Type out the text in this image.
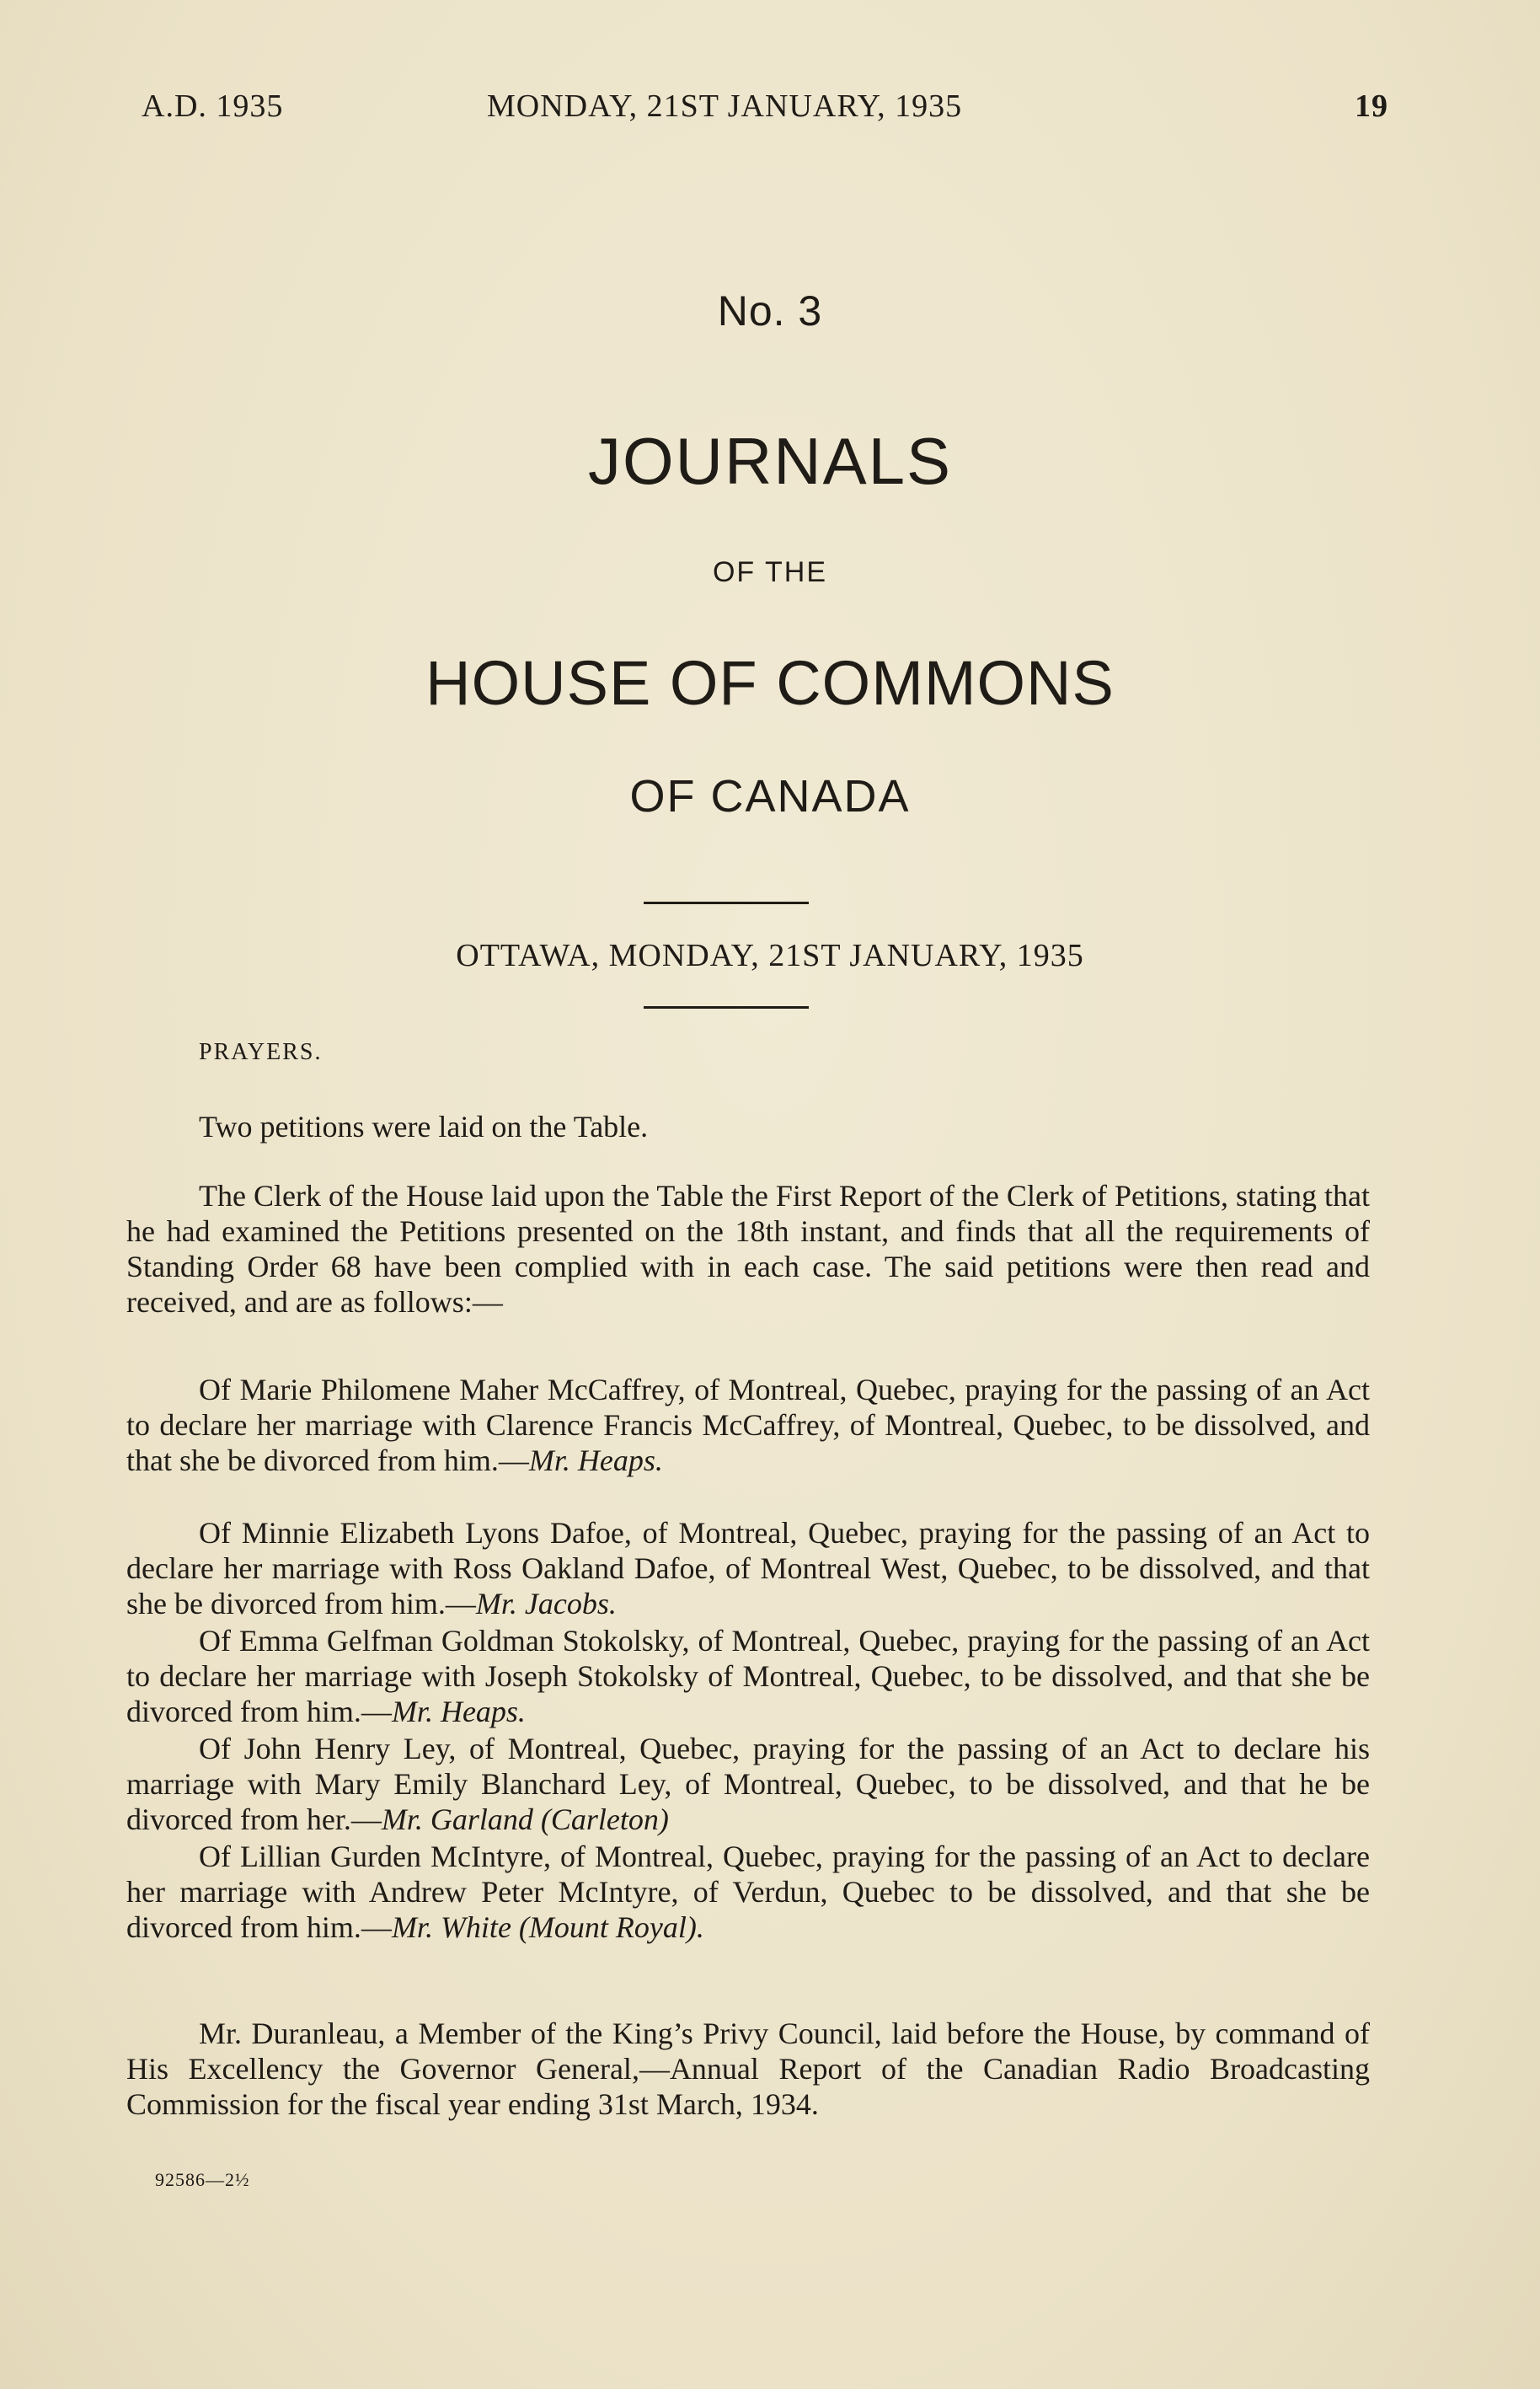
A.D. 1935	MONDAY, 21ST JANUARY, 1935	19
No. 3
JOURNALS
OF THE
HOUSE OF COMMONS
OF CANADA
OTTAWA, MONDAY, 21ST JANUARY, 1935
PRAYERS.
Two petitions were laid on the Table.
The Clerk of the House laid upon the Table the First Report of the Clerk of Petitions, stating that he had examined the Petitions presented on the 18th instant, and finds that all the requirements of Standing Order 68 have been complied with in each case. The said petitions were then read and received, and are as follows:—
Of Marie Philomene Maher McCaffrey, of Montreal, Quebec, praying for the passing of an Act to declare her marriage with Clarence Francis McCaffrey, of Montreal, Quebec, to be dissolved, and that she be divorced from him.—Mr. Heaps.
Of Minnie Elizabeth Lyons Dafoe, of Montreal, Quebec, praying for the passing of an Act to declare her marriage with Ross Oakland Dafoe, of Montreal West, Quebec, to be dissolved, and that she be divorced from him.—Mr. Jacobs.
Of Emma Gelfman Goldman Stokolsky, of Montreal, Quebec, praying for the passing of an Act to declare her marriage with Joseph Stokolsky of Montreal, Quebec, to be dissolved, and that she be divorced from him.—Mr. Heaps.
Of John Henry Ley, of Montreal, Quebec, praying for the passing of an Act to declare his marriage with Mary Emily Blanchard Ley, of Montreal, Quebec, to be dissolved, and that he be divorced from her.—Mr. Garland (Carleton)
Of Lillian Gurden McIntyre, of Montreal, Quebec, praying for the passing of an Act to declare her marriage with Andrew Peter McIntyre, of Verdun, Quebec to be dissolved, and that she be divorced from him.—Mr. White (Mount Royal).
Mr. Duranleau, a Member of the King’s Privy Council, laid before the House, by command of His Excellency the Governor General,—Annual Report of the Canadian Radio Broadcasting Commission for the fiscal year ending 31st March, 1934.
92586—2½
